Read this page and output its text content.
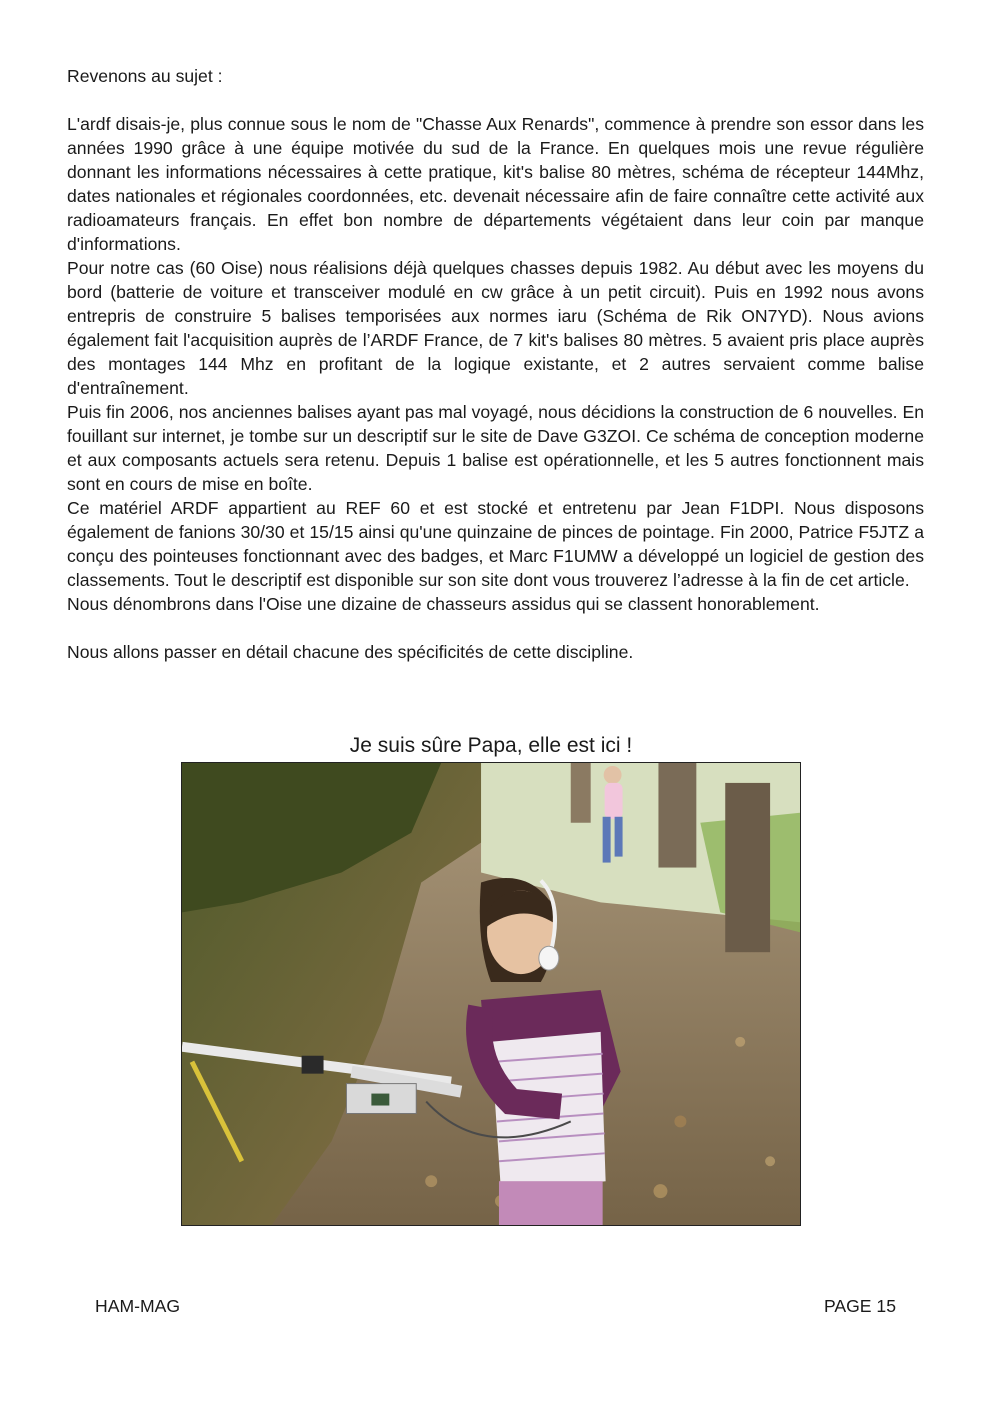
Revenons au sujet :

L'ardf disais-je, plus connue sous le nom de "Chasse Aux Renards", commence à prendre son essor dans les années 1990 grâce à une équipe motivée du sud de la France. En quelques mois une revue régulière donnant les informations nécessaires à cette pratique, kit's balise 80 mètres, schéma de récepteur 144Mhz, dates nationales et régionales coordonnées, etc. devenait nécessaire afin de faire connaître cette activité aux radioamateurs français. En effet bon nombre de départements végétaient dans leur coin par manque d'informations.

Pour notre cas (60 Oise) nous réalisions déjà quelques chasses depuis 1982. Au début avec les moyens du bord (batterie de voiture et transceiver modulé en cw grâce à un petit circuit). Puis en 1992 nous avons entrepris de construire 5 balises temporisées aux normes iaru (Schéma de Rik ON7YD). Nous avions également fait l'acquisition auprès de l’ARDF France, de 7 kit's balises 80 mètres. 5 avaient pris place auprès des montages 144 Mhz en profitant de la logique existante, et 2 autres servaient comme balise d'entraînement.

Puis fin 2006, nos anciennes balises ayant pas mal voyagé, nous décidions la construction de 6 nouvelles. En fouillant sur internet, je tombe sur un descriptif sur le site de Dave G3ZOI. Ce schéma de conception moderne et aux composants actuels sera retenu. Depuis 1 balise est opérationnelle, et les 5 autres fonctionnent mais sont en cours de mise en boîte.

Ce matériel ARDF appartient au REF 60 et est stocké et entretenu par Jean F1DPI. Nous disposons également de fanions 30/30 et 15/15 ainsi qu'une quinzaine de pinces de pointage. Fin 2000, Patrice F5JTZ a conçu des pointeuses fonctionnant avec des badges, et Marc F1UMW a développé un logiciel de gestion des classements. Tout le descriptif est disponible sur son site dont vous trouverez l’adresse à la fin de cet article.

Nous dénombrons dans l'Oise une dizaine de chasseurs assidus qui se classent honorablement.

Nous allons passer en détail chacune des spécificités de cette discipline.

Je suis sûre Papa, elle est ici !
HAM-MAG	PAGE 15
